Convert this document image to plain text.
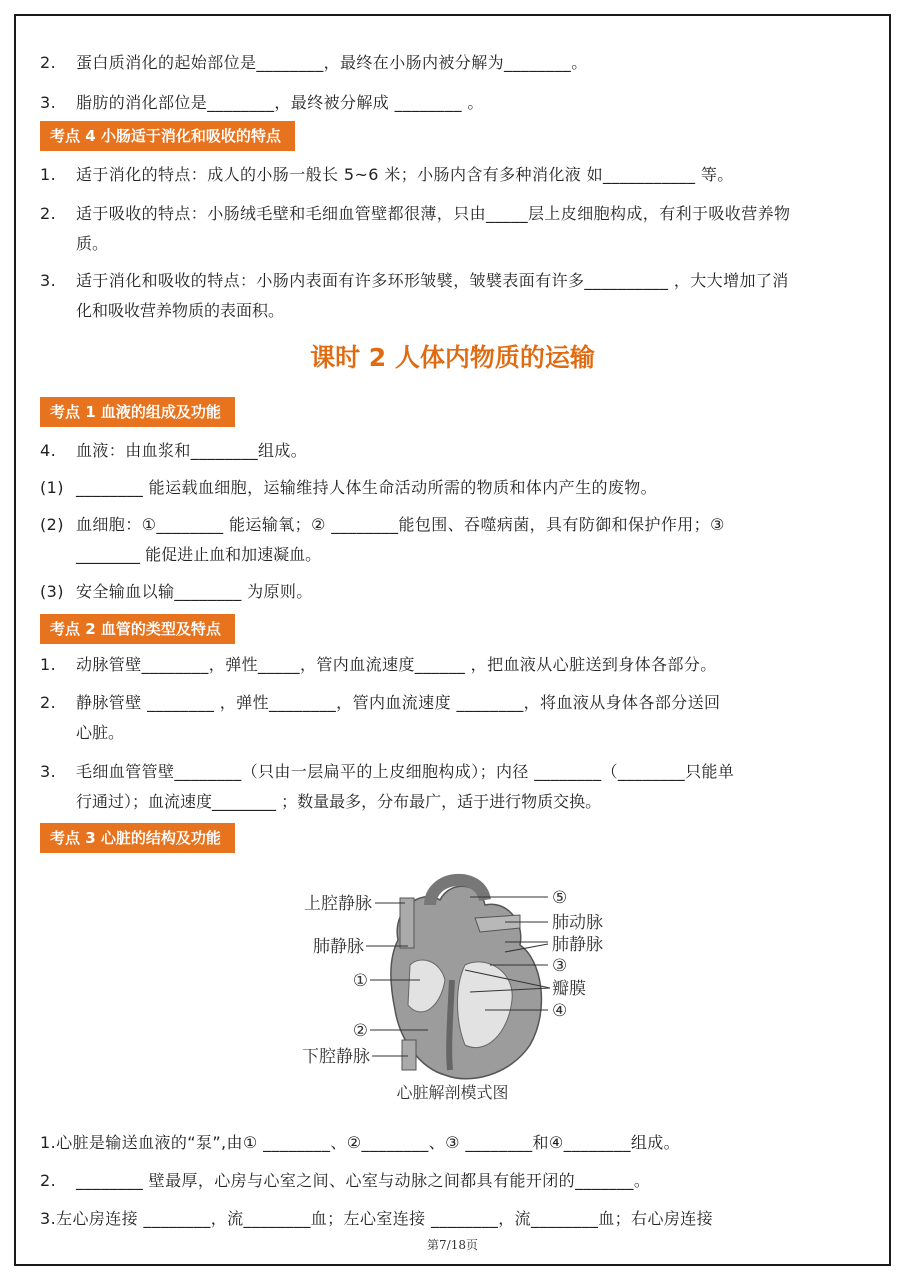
2. 蛋白质消化的起始部位是________，最终在小肠内被分解为________。
3. 脂肪的消化部位是________，最终被分解成 ________ 。
考点 4 小肠适于消化和吸收的特点
1. 适于消化的特点：成人的小肠一般长 5~6 米；小肠内含有多种消化液 如___________ 等。
2. 适于吸收的特点：小肠绒毛壁和毛细血管壁都很薄，只由_____层上皮细胞构成，有利于吸收营养物
质。
3. 适于消化和吸收的特点：小肠内表面有许多环形皱襞，皱襞表面有许多__________ ，大大增加了消
化和吸收营养物质的表面积。
课时 2 人体内物质的运输
考点 1 血液的组成及功能
4. 血液：由血浆和________组成。
(1) ________ 能运载血细胞，运输维持人体生命活动所需的物质和体内产生的废物。
(2) 血细胞：①________ 能运输氧；② ________能包围、吞噬病菌，具有防御和保护作用；③
________ 能促进止血和加速凝血。
(3) 安全输血以输________ 为原则。
考点 2 血管的类型及特点
1. 动脉管壁________，弹性_____，管内血流速度______ ，把血液从心脏送到身体各部分。
2. 静脉管壁 ________ ，弹性________，管内血流速度 ________，将血液从身体各部分送回
心脏。
3. 毛细血管管壁________（只由一层扁平的上皮细胞构成）；内径 ________（________只能单
行通过）；血流速度________ ；数量最多，分布最广，适于进行物质交换。
考点 3 心脏的结构及功能
上腔静脉
肺静脉
①
②
下腔静脉
⑤
肺动脉
肺静脉
③
瓣膜
④
心脏解剖模式图
1.心脏是输送血液的“泵”,由① ________、②________、③ ________和④________组成。
2. ________ 壁最厚，心房与心室之间、心室与动脉之间都具有能开闭的_______。
3.左心房连接 ________，流________血；左心室连接 ________，流________血；右心房连接
第7/18页
